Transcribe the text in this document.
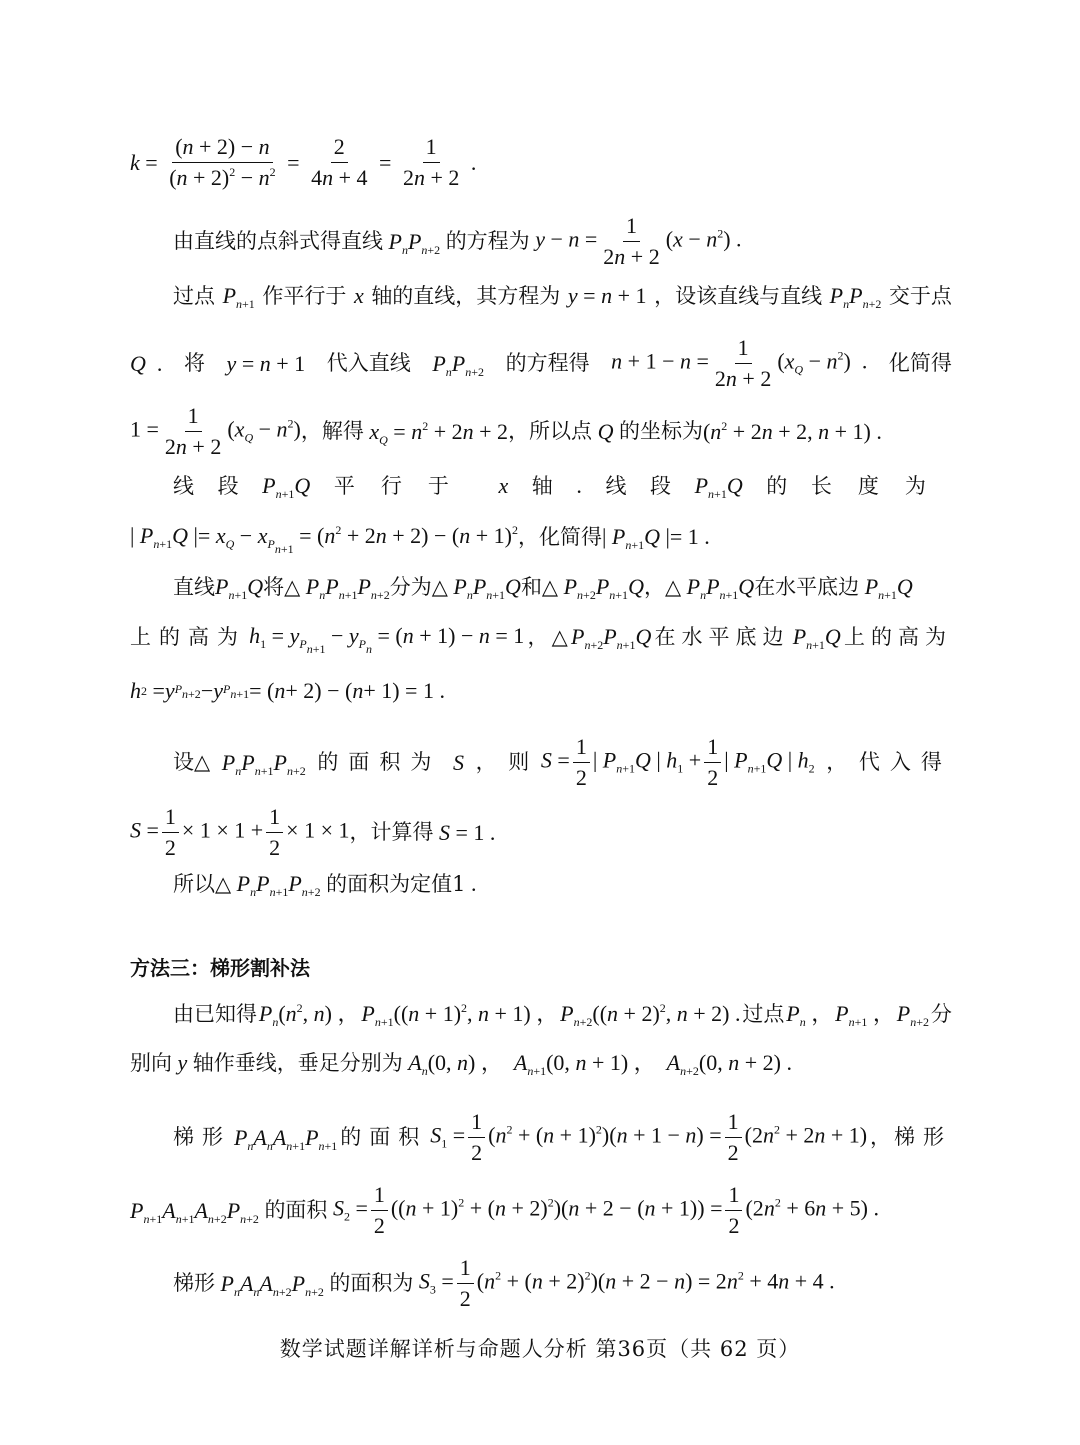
$k = \frac{(n + 2) - n}{(n + 2)^2 - n^2} = \frac{2}{4n + 4} = \frac{1}{2n + 2}$ .
由直线的点斜式得直线 $P_nP_{n+2}$ 的方程为 $y - n = \frac{1}{2n + 2} (x - n^2)$ .
过点 $P_{n+1}$ 作平行于 x 轴的直线，其方程为 y = n + 1 ，设该直线与直线 $P_nP_{n+2}$ 交于点
Q  . 将 y = n + 1 代入直线 $P_nP_{n+2}$ 的方程得 $n + 1 - n = \frac{1}{2n + 2} (x_Q - n^2)$  . 化简得
$1 = \frac{1}{2n + 2} (x_Q - n^2)$ ，解得 $x_Q = n^2 + 2n + 2$ ，所以点 Q 的坐标为 ($n^2 + 2n + 2$, n + 1) .
线 段 $P_{n+1}Q$ 平行于 x 轴 . 线 段 $P_{n+1}Q$ 的 长度为
| $P_{n+1}Q$ |= $x_Q - x_{P_{n+1}} = (n^2 + 2n + 2) - (n + 1)^2$ ，化简得 | $P_{n+1}Q$ |= 1 .
直线 $P_{n+1}Q$ 将△ $P_nP_{n+1}P_{n+2}$ 分为△ $P_nP_{n+1}Q$ 和△ $P_{n+2}P_{n+1}Q$ ，△ $P_nP_{n+1}Q$ 在水平底边 $P_{n+1}Q$
上的高为 $h_1 = y_{P_{n+1}} - y_{P_n} = (n + 1) - n = 1$ ， △ $P_{n+2}P_{n+1}Q$ 在水平底边 $P_{n+1}Q$ 上的高为
h 2 = y $P_{n+2} - y$ $P_{n+1}$ = ( n + 2) − ( n + 1) = 1 .
设△ $P_nP_{n+1}P_{n+2}$ 的面积为 S ， 则 $S = \frac{1}{2}$ | $P_{n+1}Q$ | $h_1 + \frac{1}{2}$ | $P_{n+1}Q$ | $h_2$ ， 代入得
$S = \frac{1}{2} \times 1 \times 1 + \frac{1}{2} \times 1 \times 1$ ，计算得 S = 1 .
所以△ $P_nP_{n+1}P_{n+2}$ 的面积为定值1 .
方法三：梯形割补法
由已知得 $P_n(n^2$, n) ， $P_{n+1}((n + 1)^2$, n + 1) ， $P_{n+2}((n + 2)^2$, n + 2) . 过点 $P_n$ ， $P_{n+1}$ ， $P_{n+2}$ 分
别向 y 轴作垂线，垂足分别为 $A_n(0$, n) ，  $A_{n+1}(0$, n + 1) ，  $A_{n+2}(0$, n + 2) .
梯形 $P_nA_nA_{n+1}P_{n+1}$ 的面积 $S_1 = \frac{1}{2} (n^2 + (n + 1)^2)(n + 1 - n) = \frac{1}{2} (2n^2 + 2n + 1)$ ， 梯形
$P_{n+1}A_{n+1}A_{n+2}P_{n+2}$ 的面积 $S_2 = \frac{1}{2} ((n + 1)^2 + (n + 2)^2)(n + 2 - (n + 1)) = \frac{1}{2} (2n^2 + 6n + 5)$ .
梯形 $P_nA_nA_{n+2}P_{n+2}$ 的面积为 $S_3 = \frac{1}{2} (n^2 + (n + 2)^2)(n + 2 - n) = 2n^2 + 4n + 4$ .
数学试题详解详析与命题人分析 第36页（共 62 页）
